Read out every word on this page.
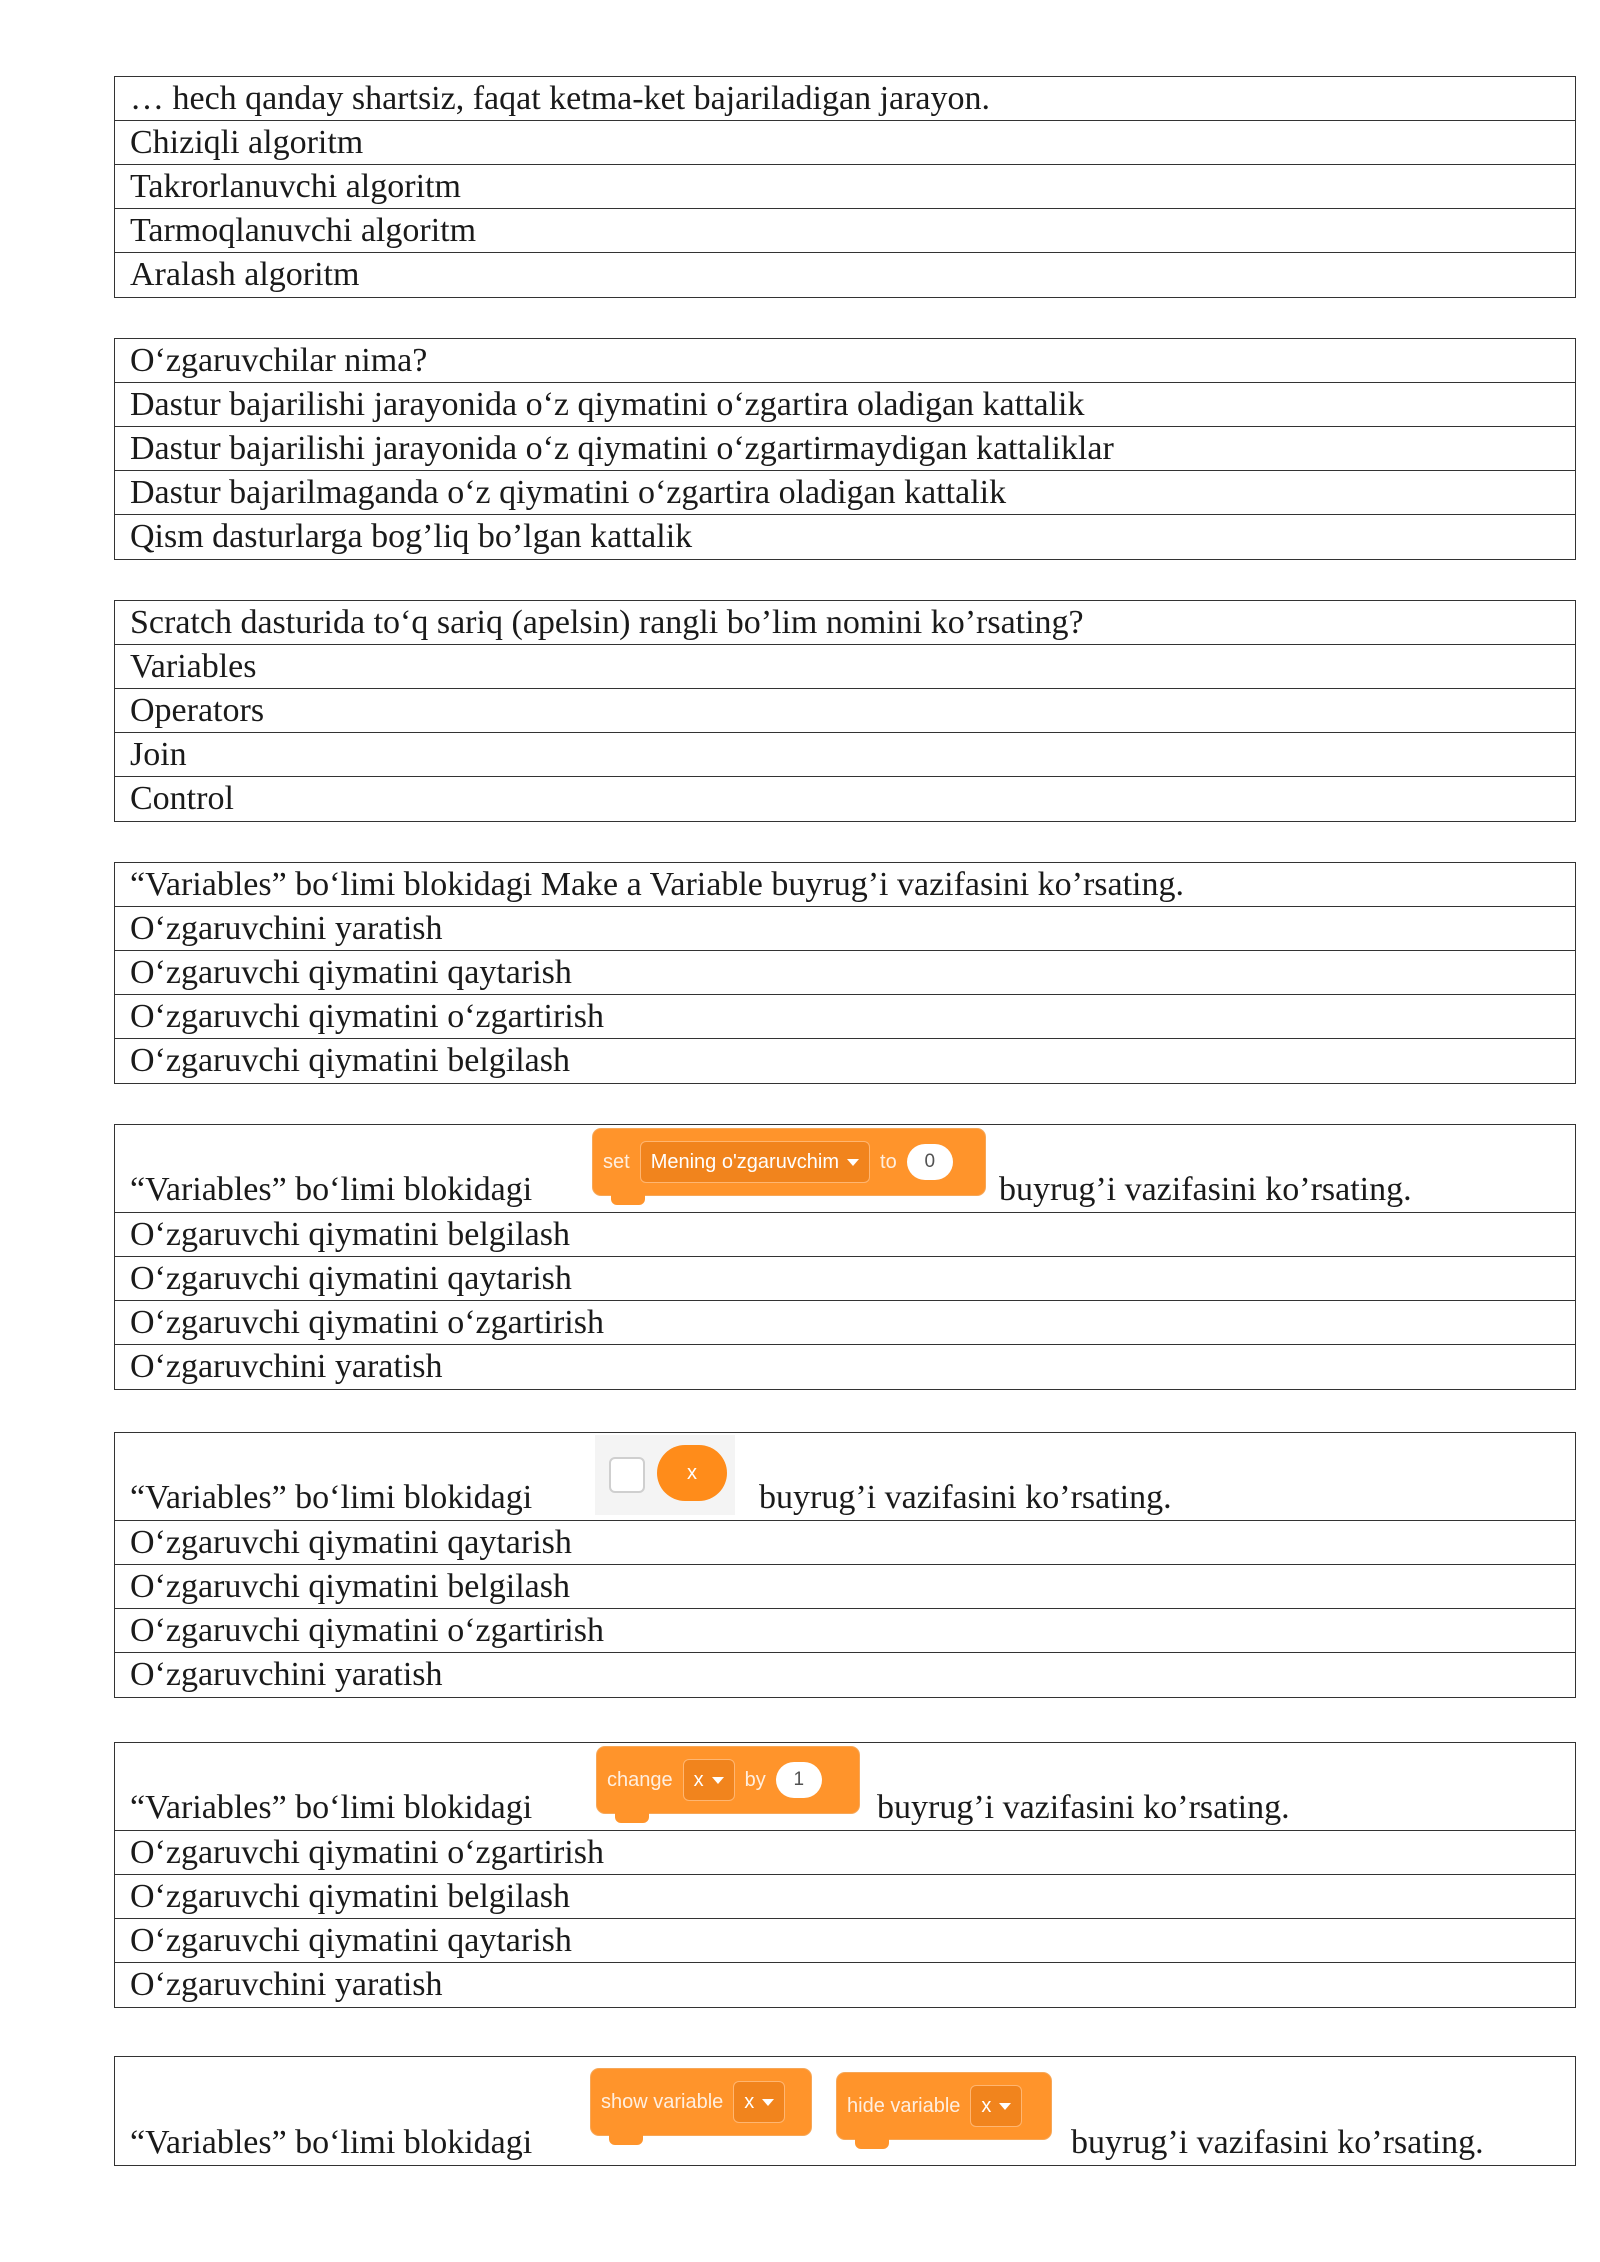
… hech qanday shartsiz, faqat ketma-ket bajariladigan jarayon.
Chiziqli algoritm
Takrorlanuvchi algoritm
Tarmoqlanuvchi algoritm
Aralash algoritm
O‘zgaruvchilar nima?
Dastur bajarilishi jarayonida o‘z qiymatini o‘zgartira oladigan kattalik
Dastur bajarilishi jarayonida o‘z qiymatini o‘zgartirmaydigan kattaliklar
Dastur bajarilmaganda o‘z qiymatini o‘zgartira oladigan kattalik
Qism dasturlarga bog’liq bo’lgan kattalik
Scratch dasturida to‘q sariq (apelsin) rangli bo’lim nomini ko’rsating?
Variables
Operators
Join
Control
“Variables” bo‘limi blokidagi Make a Variable buyrug’i vazifasini ko’rsating.
O‘zgaruvchini yaratish
O‘zgaruvchi qiymatini qaytarish
O‘zgaruvchi qiymatini o‘zgartirish
O‘zgaruvchi qiymatini belgilash
“Variables” bo‘limi blokidagi
set Mening o'zgaruvchim to	0
buyrug’i vazifasini ko’rsating.
O‘zgaruvchi qiymatini belgilash
O‘zgaruvchi qiymatini qaytarish
O‘zgaruvchi qiymatini o‘zgartirish
O‘zgaruvchini yaratish
“Variables” bo‘limi blokidagi
x
buyrug’i vazifasini ko’rsating.
O‘zgaruvchi qiymatini qaytarish
O‘zgaruvchi qiymatini belgilash
O‘zgaruvchi qiymatini o‘zgartirish
O‘zgaruvchini yaratish
“Variables” bo‘limi blokidagi
change x by	1
buyrug’i vazifasini ko’rsating.
O‘zgaruvchi qiymatini o‘zgartirish
O‘zgaruvchi qiymatini belgilash
O‘zgaruvchi qiymatini qaytarish
O‘zgaruvchini yaratish
“Variables” bo‘limi blokidagi
show variable x	hide variable x
buyrug’i vazifasini ko’rsating.
